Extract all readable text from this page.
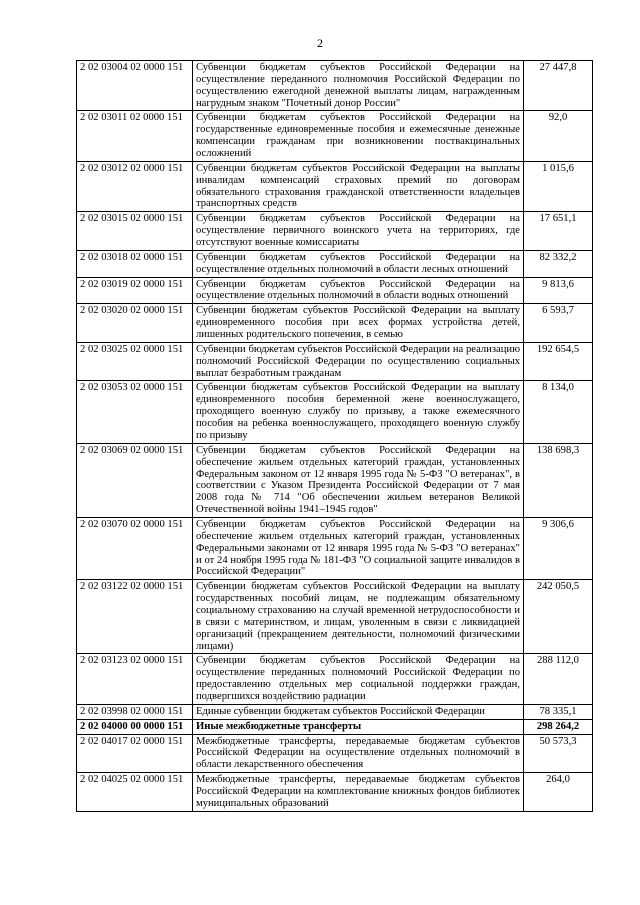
2
2 02 03004 02 0000 151	Субвенции бюджетам субъектов Российской Федерации на осуществление переданного полномочия Российской Федерации по осуществлению ежегодной денежной выплаты лицам, награжденным нагрудным знаком "Почетный донор России"	27 447,8
2 02 03011 02 0000 151	Субвенции бюджетам субъектов Российской Федерации на государственные единовременные пособия и ежемесячные денежные компенсации гражданам при возникновении поствакцинальных осложнений	92,0
2 02 03012 02 0000 151	Субвенции бюджетам субъектов Российской Федерации на выплаты инвалидам компенсаций страховых премий по договорам обязательного страхования гражданской ответственности владельцев транспортных средств	1 015,6
2 02 03015 02 0000 151	Субвенции бюджетам субъектов Российской Федерации на осуществление первичного воинского учета на территориях, где отсутствуют военные комиссариаты	17 651,1
2 02 03018 02 0000 151	Субвенции бюджетам субъектов Российской Федерации на осуществление отдельных полномочий в области лесных отношений	82 332,2
2 02 03019 02 0000 151	Субвенции бюджетам субъектов Российской Федерации на осуществление отдельных полномочий в области водных отношений	9 813,6
2 02 03020 02 0000 151	Субвенции бюджетам субъектов Российской Федерации на выплату единовременного пособия при всех формах устройства детей, лишенных родительского попечения, в семью	6 593,7
2 02 03025 02 0000 151	Субвенции бюджетам субъектов Российской Федерации на реализацию полномочий Российской Федерации по осуществлению социальных выплат безработным гражданам	192 654,5
2 02 03053 02 0000 151	Субвенции бюджетам субъектов Российской Федерации на выплату единовременного пособия беременной жене военнослужащего, проходящего военную службу по призыву, а также ежемесячного пособия на ребенка военнослужащего, проходящего военную службу по призыву	8 134,0
2 02 03069 02 0000 151	Субвенции бюджетам субъектов Российской Федерации на обеспечение жильем отдельных категорий граждан, установленных Федеральным законом от 12 января 1995 года № 5-ФЗ "О ветеранах", в соответствии с Указом Президента Российской Федерации от 7 мая 2008 года № 714 "Об обеспечении жильем ветеранов Великой Отечественной войны 1941–1945 годов"	138 698,3
2 02 03070 02 0000 151	Субвенции бюджетам субъектов Российской Федерации на обеспечение жильем отдельных категорий граждан, установленных Федеральными законами от 12 января 1995 года № 5-ФЗ "О ветеранах" и от 24 ноября 1995 года № 181-ФЗ "О социальной защите инвалидов в Российской Федерации"	9 306,6
2 02 03122 02 0000 151	Субвенции бюджетам субъектов Российской Федерации на выплату государственных пособий лицам, не подлежащим обязательному социальному страхованию на случай временной нетрудоспособности и в связи с материнством, и лицам, уволенным в связи с ликвидацией организаций (прекращением деятельности, полномочий физическими лицами)	242 050,5
2 02 03123 02 0000 151	Субвенции бюджетам субъектов Российской Федерации на осуществление переданных полномочий Российской Федерации по предоставлению отдельных мер социальной поддержки граждан, подвергшихся воздействию радиации	288 112,0
2 02 03998 02 0000 151	Единые субвенции бюджетам субъектов Российской Федерации	78 335,1
2 02 04000 00 0000 151	Иные межбюджетные трансферты	298 264,2
2 02 04017 02 0000 151	Межбюджетные трансферты, передаваемые бюджетам субъектов Российской Федерации на осуществление отдельных полномочий в области лекарственного обеспечения	50 573,3
2 02 04025 02 0000 151	Межбюджетные трансферты, передаваемые бюджетам субъектов Российской Федерации на комплектование книжных фондов библиотек муниципальных образований	264,0
